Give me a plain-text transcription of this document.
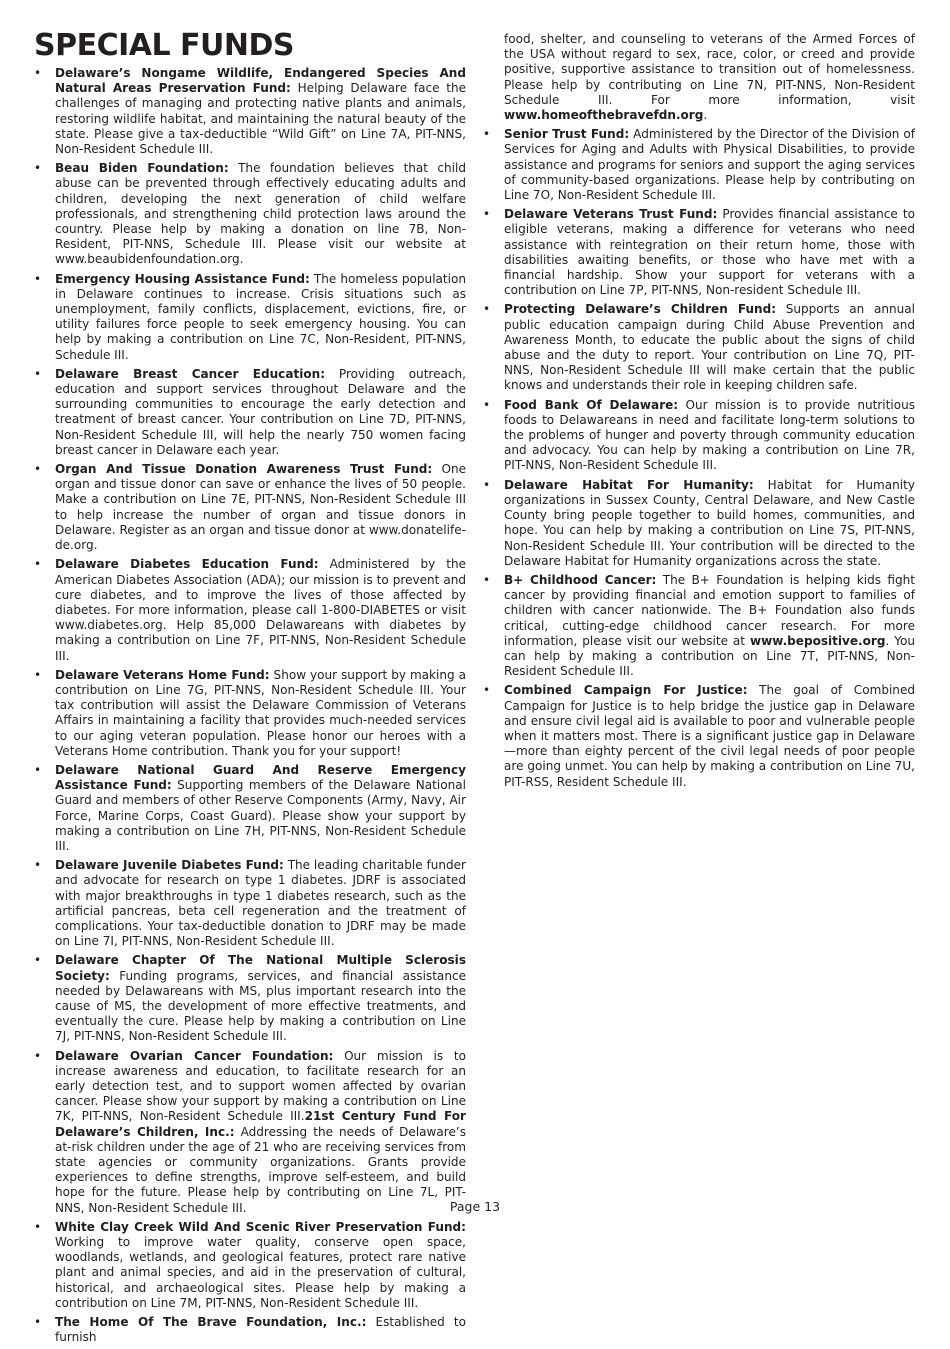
SPECIAL FUNDS
• Delaware’s Nongame Wildlife, Endangered Species And Natural Areas Preservation Fund: Helping Delaware face the challenges of managing and protecting native plants and animals, restoring wildlife habitat, and maintaining the natural beauty of the state. Please give a tax-deductible “Wild Gift” on Line 7A, PIT-NNS, Non-Resident Schedule III.
• Beau Biden Foundation: The foundation believes that child abuse can be prevented through effectively educating adults and children, developing the next generation of child welfare professionals, and strengthening child protection laws around the country. Please help by making a donation on line 7B, Non-Resident, PIT-NNS, Schedule III. Please visit our website at www.beaubidenfoundation.org.
• Emergency Housing Assistance Fund: The homeless population in Delaware continues to increase. Crisis situations such as unemployment, family conflicts, displacement, evictions, fire, or utility failures force people to seek emergency housing. You can help by making a contribution on Line 7C, Non-Resident, PIT-NNS, Schedule III.
• Delaware Breast Cancer Education: Providing outreach, education and support services throughout Delaware and the surrounding communities to encourage the early detection and treatment of breast cancer. Your contribution on Line 7D, PIT-NNS, Non-Resident Schedule III, will help the nearly 750 women facing breast cancer in Delaware each year.
• Organ And Tissue Donation Awareness Trust Fund: One organ and tissue donor can save or enhance the lives of 50 people. Make a contribution on Line 7E, PIT-NNS, Non-Resident Schedule III to help increase the number of organ and tissue donors in Delaware. Register as an organ and tissue donor at www.donatelife-de.org.
• Delaware Diabetes Education Fund: Administered by the American Diabetes Association (ADA); our mission is to prevent and cure diabetes, and to improve the lives of those affected by diabetes. For more information, please call 1-800-DIABETES or visit www.diabetes.org. Help 85,000 Delawareans with diabetes by making a contribution on Line 7F, PIT-NNS, Non-Resident Schedule III.
• Delaware Veterans Home Fund: Show your support by making a contribution on Line 7G, PIT-NNS, Non-Resident Schedule III. Your tax contribution will assist the Delaware Commission of Veterans Affairs in maintaining a facility that provides much-needed services to our aging veteran population. Please honor our heroes with a Veterans Home contribution. Thank you for your support!
• Delaware National Guard And Reserve Emergency Assistance Fund: Supporting members of the Delaware National Guard and members of other Reserve Components (Army, Navy, Air Force, Marine Corps, Coast Guard). Please show your support by making a contribution on Line 7H, PIT-NNS, Non-Resident Schedule III.
• Delaware Juvenile Diabetes Fund: The leading charitable funder and advocate for research on type 1 diabetes. JDRF is associated with major breakthroughs in type 1 diabetes research, such as the artificial pancreas, beta cell regeneration and the treatment of complications. Your tax-deductible donation to JDRF may be made on Line 7I, PIT-NNS, Non-Resident Schedule III.
• Delaware Chapter Of The National Multiple Sclerosis Society: Funding programs, services, and financial assistance needed by Delawareans with MS, plus important research into the cause of MS, the development of more effective treatments, and eventually the cure. Please help by making a contribution on Line 7J, PIT-NNS, Non-Resident Schedule III.
• Delaware Ovarian Cancer Foundation: Our mission is to increase awareness and education, to facilitate research for an early detection test, and to support women affected by ovarian cancer. Please show your support by making a contribution on Line 7K, PIT-NNS, Non-Resident Schedule III.21st Century Fund For Delaware’s Children, Inc.: Addressing the needs of Delaware’s at-risk children under the age of 21 who are receiving services from state agencies or community organizations. Grants provide experiences to define strengths, improve self-esteem, and build hope for the future. Please help by contributing on Line 7L, PIT-NNS, Non-Resident Schedule III.
• White Clay Creek Wild And Scenic River Preservation Fund: Working to improve water quality, conserve open space, woodlands, wetlands, and geological features, protect rare native plant and animal species, and aid in the preservation of cultural, historical, and archaeological sites. Please help by making a contribution on Line 7M, PIT-NNS, Non-Resident Schedule III.
• The Home Of The Brave Foundation, Inc.: Established to furnish
food, shelter, and counseling to veterans of the Armed Forces of the USA without regard to sex, race, color, or creed and provide positive, supportive assistance to transition out of homelessness. Please help by contributing on Line 7N, PIT-NNS, Non-Resident Schedule III. For more information, visit www.homeofthebravefdn.org.
• Senior Trust Fund: Administered by the Director of the Division of Services for Aging and Adults with Physical Disabilities, to provide assistance and programs for seniors and support the aging services of community-based organizations. Please help by contributing on Line 7O, Non-Resident Schedule III.
• Delaware Veterans Trust Fund: Provides financial assistance to eligible veterans, making a difference for veterans who need assistance with reintegration on their return home, those with disabilities awaiting benefits, or those who have met with a financial hardship. Show your support for veterans with a contribution on Line 7P, PIT-NNS, Non-resident Schedule III.
• Protecting Delaware’s Children Fund: Supports an annual public education campaign during Child Abuse Prevention and Awareness Month, to educate the public about the signs of child abuse and the duty to report. Your contribution on Line 7Q, PIT-NNS, Non-Resident Schedule III will make certain that the public knows and understands their role in keeping children safe.
• Food Bank Of Delaware: Our mission is to provide nutritious foods to Delawareans in need and facilitate long-term solutions to the problems of hunger and poverty through community education and advocacy. You can help by making a contribution on Line 7R, PIT-NNS, Non-Resident Schedule III.
• Delaware Habitat For Humanity: Habitat for Humanity organizations in Sussex County, Central Delaware, and New Castle County bring people together to build homes, communities, and hope. You can help by making a contribution on Line 7S, PIT-NNS, Non-Resident Schedule III. Your contribution will be directed to the Delaware Habitat for Humanity organizations across the state.
• B+ Childhood Cancer: The B+ Foundation is helping kids fight cancer by providing financial and emotion support to families of children with cancer nationwide. The B+ Foundation also funds critical, cutting-edge childhood cancer research. For more information, please visit our website at www.bepositive.org. You can help by making a contribution on Line 7T, PIT-NNS, Non-Resident Schedule III.
• Combined Campaign For Justice: The goal of Combined Campaign for Justice is to help bridge the justice gap in Delaware and ensure civil legal aid is available to poor and vulnerable people when it matters most. There is a significant justice gap in Delaware—more than eighty percent of the civil legal needs of poor people are going unmet. You can help by making a contribution on Line 7U, PIT-RSS, Resident Schedule III.
Page 13
